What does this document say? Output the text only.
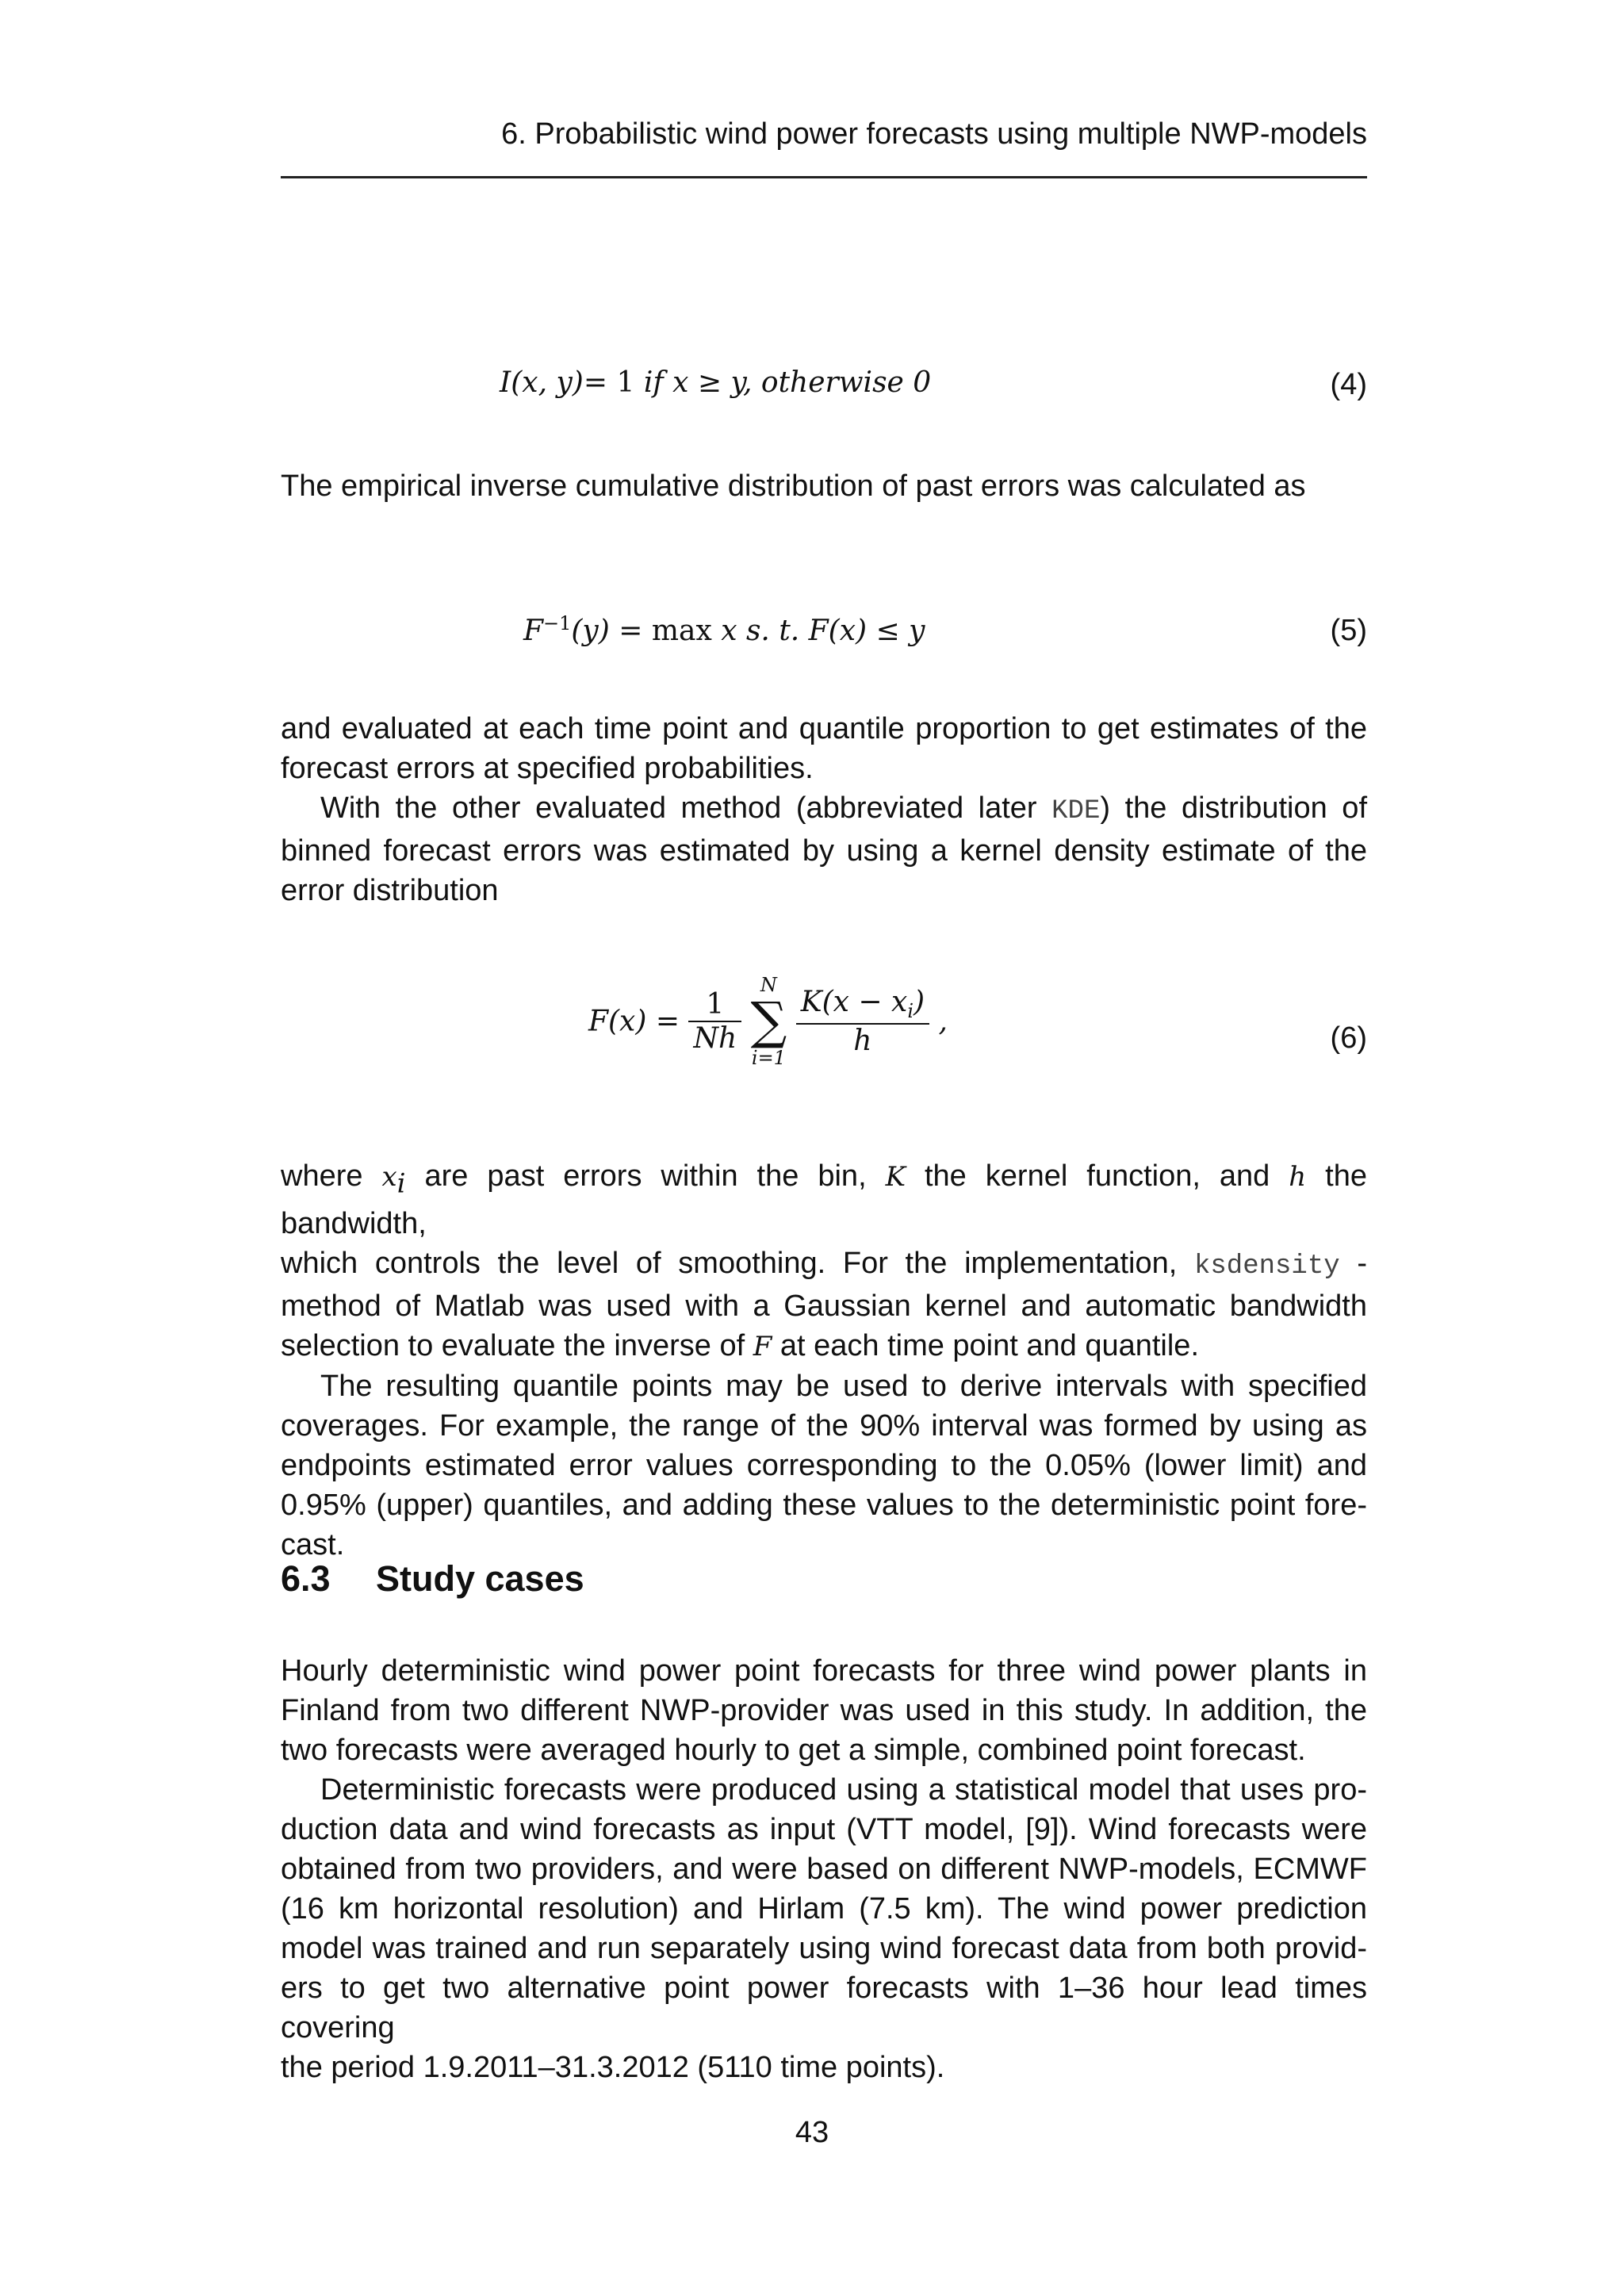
6. Probabilistic wind power forecasts using multiple NWP-models
I(x, y)= 1 if x ≥ y, otherwise 0	(4)

The empirical inverse cumulative distribution of past errors was calculated as

$F^{-1}(y) = \max x$ s. t. F(x) ≤ y	(5)

and evaluated at each time point and quantile proportion to get estimates of the
forecast errors at specified probabilities.
With the other evaluated method (abbreviated later KDE) the distribution of
binned forecast errors was estimated by using a kernel density estimate of the
error distribution

$F(x) = \frac{1}{Nh}$

N
∑
i=1

$\frac{K(x - x_i)}{h}$ ,	(6)

where xi are past errors within the bin, K the kernel function, and h the bandwidth,
which controls the level of smoothing. For the implementation, ksdensity -
method of Matlab was used with a Gaussian kernel and automatic bandwidth
selection to evaluate the inverse of F at each time point and quantile.
The resulting quantile points may be used to derive intervals with specified
coverages. For example, the range of the 90% interval was formed by using as
endpoints estimated error values corresponding to the 0.05% (lower limit) and
0.95% (upper) quantiles, and adding these values to the deterministic point fore-
cast.

6.3 Study cases

Hourly deterministic wind power point forecasts for three wind power plants in
Finland from two different NWP-provider was used in this study. In addition, the
two forecasts were averaged hourly to get a simple, combined point forecast.
Deterministic forecasts were produced using a statistical model that uses pro-
duction data and wind forecasts as input (VTT model, [9]). Wind forecasts were
obtained from two providers, and were based on different NWP-models, ECMWF
(16 km horizontal resolution) and Hirlam (7.5 km). The wind power prediction
model was trained and run separately using wind forecast data from both provid-
ers to get two alternative point power forecasts with 1–36 hour lead times covering
the period 1.9.2011–31.3.2012 (5110 time points).

43
